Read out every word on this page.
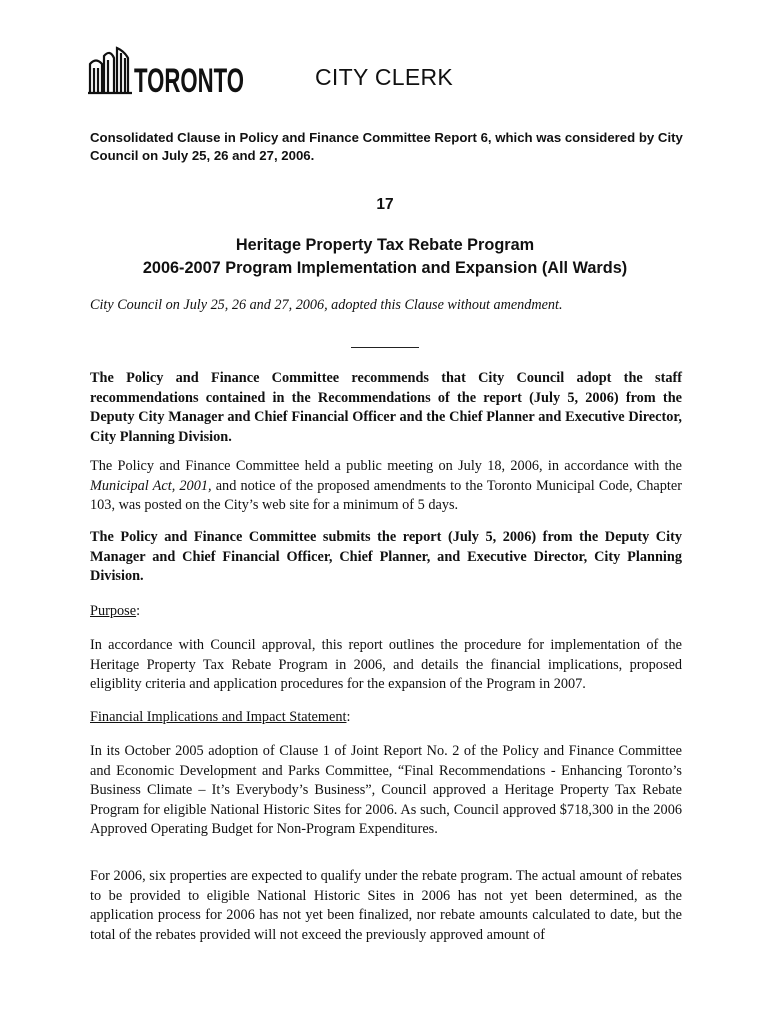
TORONTO	CITY CLERK
Consolidated Clause in Policy and Finance Committee Report 6, which was considered by City Council on July 25, 26 and 27, 2006.
17
Heritage Property Tax Rebate Program
2006-2007 Program Implementation and Expansion (All Wards)
City Council on July 25, 26 and 27, 2006, adopted this Clause without amendment.

The Policy and Finance Committee recommends that City Council adopt the staff recommendations contained in the Recommendations of the report (July 5, 2006) from the Deputy City Manager and Chief Financial Officer and the Chief Planner and Executive Director, City Planning Division.

The Policy and Finance Committee held a public meeting on July 18, 2006, in accordance with the Municipal Act, 2001, and notice of the proposed amendments to the Toronto Municipal Code, Chapter 103, was posted on the City’s web site for a minimum of 5 days.

The Policy and Finance Committee submits the report (July 5, 2006) from the Deputy City Manager and Chief Financial Officer, Chief Planner, and Executive Director, City Planning Division.

Purpose:

In accordance with Council approval, this report outlines the procedure for implementation of the Heritage Property Tax Rebate Program in 2006, and details the financial implications, proposed eligiblity criteria and application procedures for the expansion of the Program in 2007.

Financial Implications and Impact Statement:

In its October 2005 adoption of Clause 1 of Joint Report No. 2 of the Policy and Finance Committee and Economic Development and Parks Committee, “Final Recommendations - Enhancing Toronto’s Business Climate – It’s Everybody’s Business”, Council approved a Heritage Property Tax Rebate Program for eligible National Historic Sites for 2006. As such, Council approved $718,300 in the 2006 Approved Operating Budget for Non-Program Expenditures.

For 2006, six properties are expected to qualify under the rebate program. The actual amount of rebates to be provided to eligible National Historic Sites in 2006 has not yet been determined, as the application process for 2006 has not yet been finalized, nor rebate amounts calculated to date, but the total of the rebates provided will not exceed the previously approved amount of
